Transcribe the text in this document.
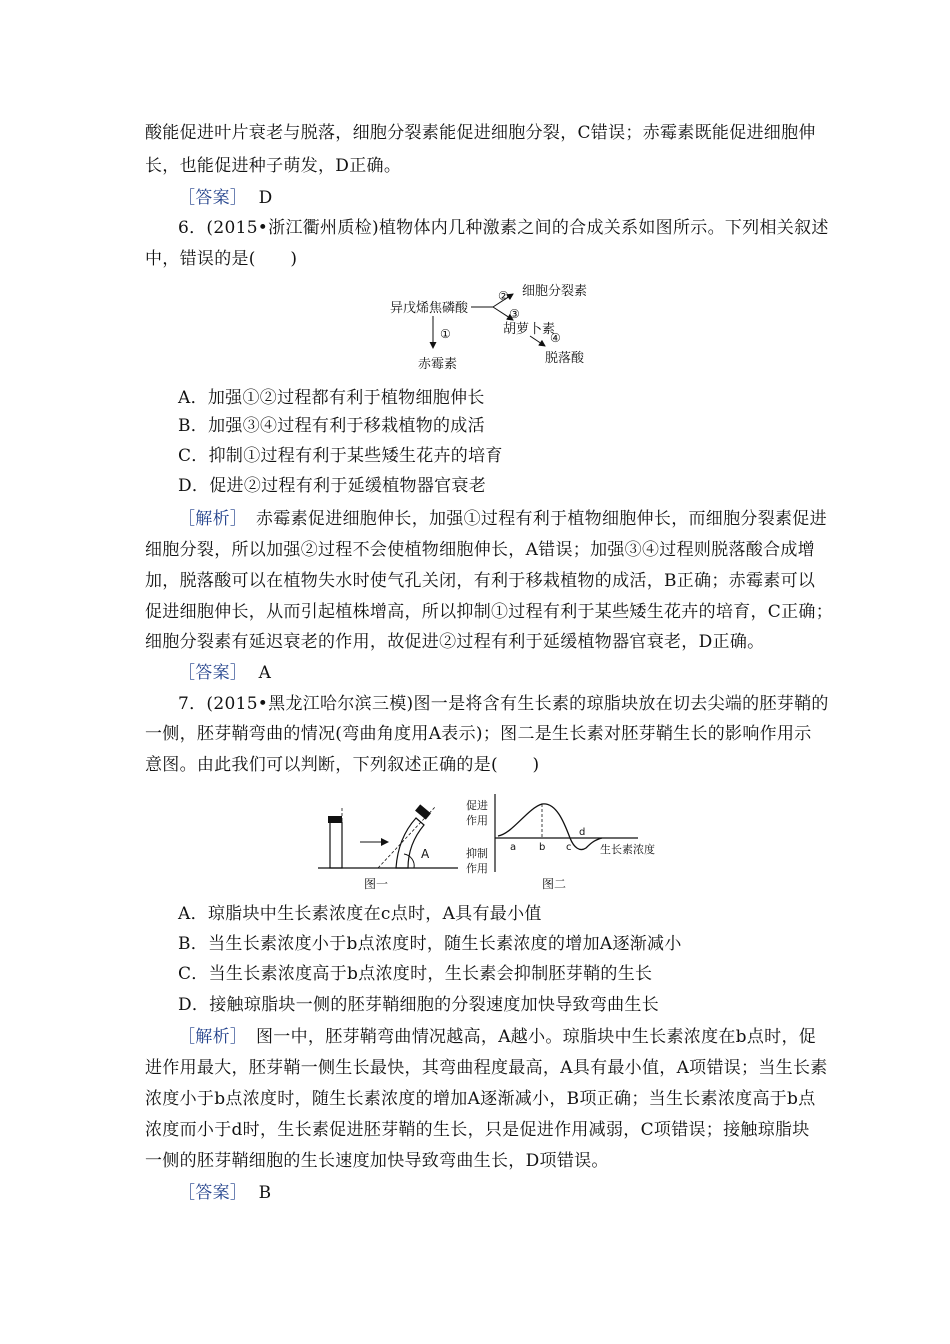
酸能促进叶片衰老与脱落，细胞分裂素能促进细胞分裂，C错误；赤霉素既能促进细胞伸
长，也能促进种子萌发，D正确。
［答案］ D
6．(2015•浙江衢州质检)植物体内几种激素之间的合成关系如图所示。下列相关叙述
中，错误的是(　　)
异戊烯焦磷酸
②
③
细胞分裂素
胡萝卜素
④
脱落酸
①
赤霉素
A．加强①②过程都有利于植物细胞伸长
B．加强③④过程有利于移栽植物的成活
C．抑制①过程有利于某些矮生花卉的培育
D．促进②过程有利于延缓植物器官衰老
［解析］　赤霉素促进细胞伸长，加强①过程有利于植物细胞伸长，而细胞分裂素促进
细胞分裂，所以加强②过程不会使植物细胞伸长，A错误；加强③④过程则脱落酸合成增
加，脱落酸可以在植物失水时使气孔关闭，有利于移栽植物的成活，B正确；赤霉素可以
促进细胞伸长，从而引起植株增高，所以抑制①过程有利于某些矮生花卉的培育，C正确；
细胞分裂素有延迟衰老的作用，故促进②过程有利于延缓植物器官衰老，D正确。
［答案］ A
7．(2015•黑龙江哈尔滨三模)图一是将含有生长素的琼脂块放在切去尖端的胚芽鞘的
一侧，胚芽鞘弯曲的情况(弯曲角度用A表示)；图二是生长素对胚芽鞘生长的影响作用示
意图。由此我们可以判断，下列叙述正确的是(　　)
A
图一
促进
作用
抑制
作用
a b c
d
生长素浓度
图二
A．琼脂块中生长素浓度在c点时，A具有最小值
B．当生长素浓度小于b点浓度时，随生长素浓度的增加A逐渐减小
C．当生长素浓度高于b点浓度时，生长素会抑制胚芽鞘的生长
D．接触琼脂块一侧的胚芽鞘细胞的分裂速度加快导致弯曲生长
［解析］　图一中，胚芽鞘弯曲情况越高，A越小。琼脂块中生长素浓度在b点时，促
进作用最大，胚芽鞘一侧生长最快，其弯曲程度最高，A具有最小值，A项错误；当生长素
浓度小于b点浓度时，随生长素浓度的增加A逐渐减小，B项正确；当生长素浓度高于b点
浓度而小于d时，生长素促进胚芽鞘的生长，只是促进作用减弱，C项错误；接触琼脂块
一侧的胚芽鞘细胞的生长速度加快导致弯曲生长，D项错误。
［答案］ B
